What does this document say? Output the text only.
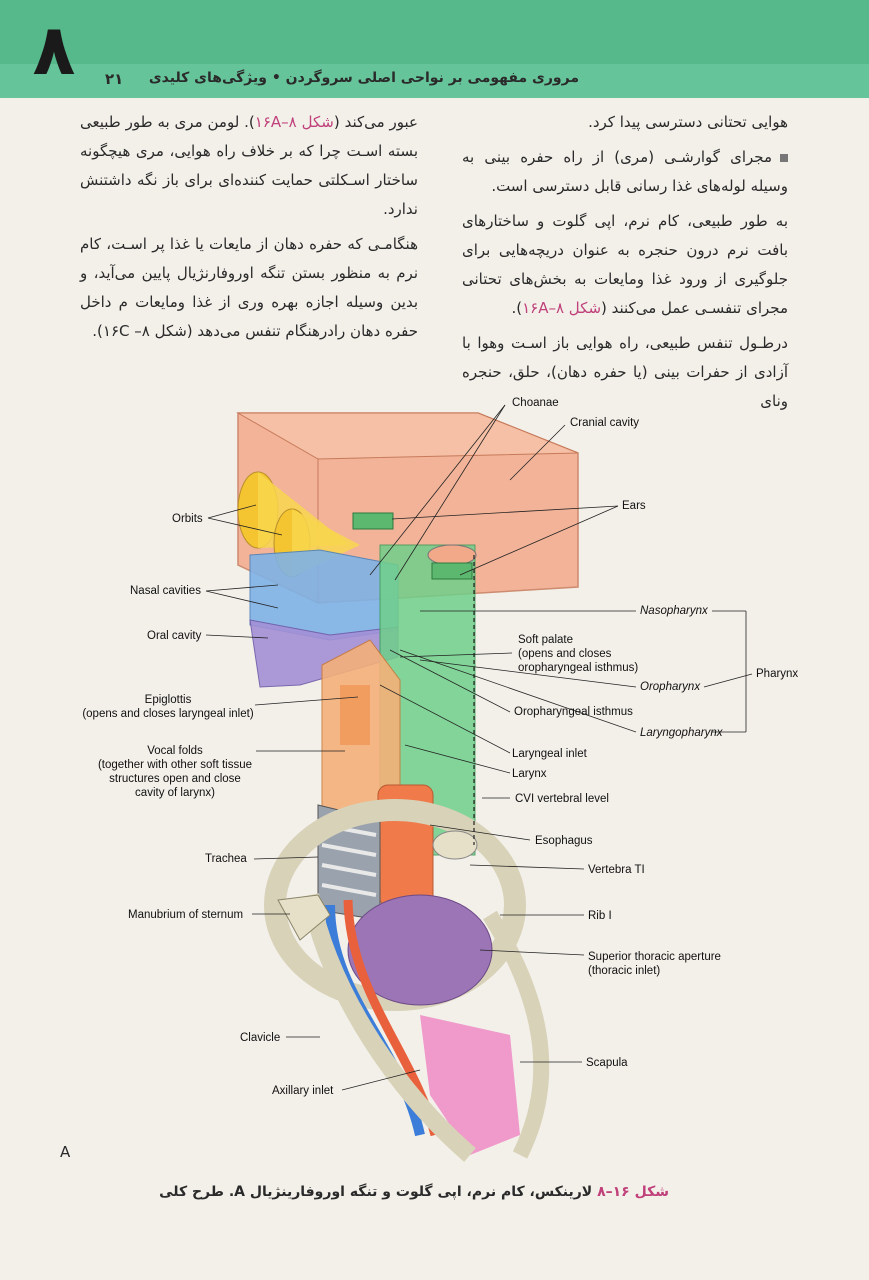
۸	۲۱ مروری مفهومی بر نواحی اصلی سروگردن • ویژگی‌های کلیدی

هوایی تحتانی دسترسی پیدا کرد.

مجرای گوارشـی (مری) از راه حفره بینی به وسیله لوله‌های غذا رسانی قابل دسترسی است.

به طور طبیعی، کام نرم، اپی گلوت و ساختارهای بافت نرم درون حنجره به عنوان دریچه‌هایی برای جلوگیری از ورود غذا ومایعات به بخش‌های تحتانی مجرای تنفسـی عمل می‌کنند (شکل ۱۶A–۸).

درطـول تنفس طبیعی، راه هوایی باز اسـت وهوا با آزادی از حفرات بینی (یا حفره دهان)، حلق، حنجره ونای

عبور می‌کند (شکل ۱۶A–۸). لومن مری به طور طبیعی بسته اسـت چرا که بر خلاف راه هوایی، مری هیچگونه ساختار اسـکلتی حمایت کننده‌ای برای باز نگه داشتنش ندارد.

هنگامـی که حفره دهان از مایعات یا غذا پر اسـت، کام نرم به منظور بستن تنگه اوروفارنژیال پایین می‌آید، و بدین وسیله اجازه بهره وری از غذا ومایعات م داخل حفره دهان رادرهنگام تنفس می‌دهد (شکل ۱۶C –۸).

Choanae
Cranial cavity
Orbits
Ears
Nasal cavities
Nasopharynx
Oral cavity	Soft palate
(opens and closes
oropharyngeal isthmus)	Pharynx
Oropharynx
Epiglottis
(opens and closes laryngeal inlet)	Oropharyngeal isthmus
Laryngopharynx
Vocal folds
(together with other soft tissue
structures open and close
cavity of larynx)
Laryngeal inlet
Larynx
CVI vertebral level
Esophagus
Trachea
Vertebra TI
Manubrium of sternum	Rib I
Superior thoracic aperture
(thoracic inlet)
Clavicle
Scapula
Axillary inlet
A
شکل ۱۶–۸ لارینکس، کام نرم، اپی گلوت و تنگه اوروفارینژیال A. طرح کلی
